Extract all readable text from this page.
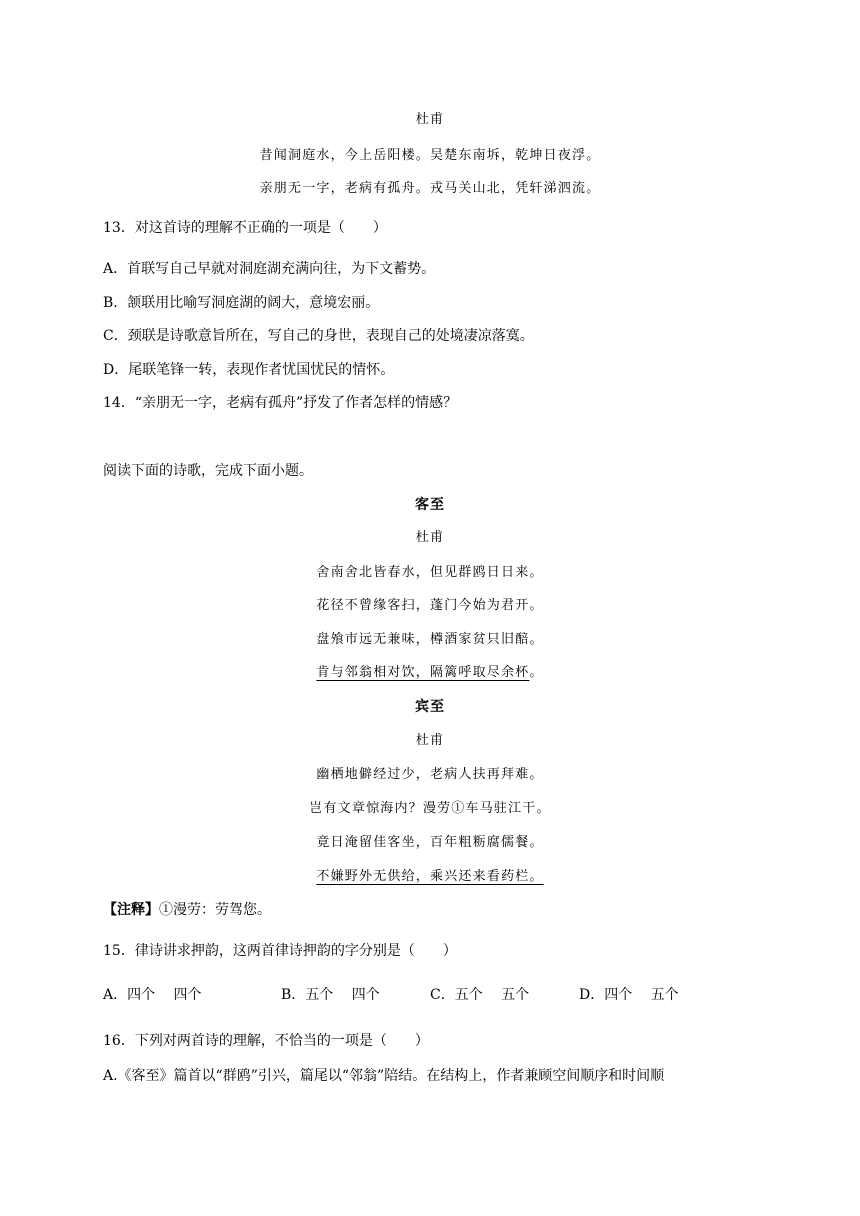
杜甫
昔闻洞庭水，今上岳阳楼。吴楚东南坼，乾坤日夜浮。
亲朋无一字，老病有孤舟。戎马关山北，凭轩涕泗流。
13．对这首诗的理解不正确的一项是（　　）
A．首联写自己早就对洞庭湖充满向往，为下文蓄势。
B．颔联用比喻写洞庭湖的阔大，意境宏丽。
C．颈联是诗歌意旨所在，写自己的身世，表现自己的处境凄凉落寞。
D．尾联笔锋一转，表现作者忧国忧民的情怀。
14．“亲朋无一字，老病有孤舟”抒发了作者怎样的情感？
阅读下面的诗歌，完成下面小题。
客至
杜甫
舍南舍北皆春水，但见群鸥日日来。
花径不曾缘客扫，蓬门今始为君开。
盘飧市远无兼味，樽酒家贫只旧醅。
肯与邻翁相对饮，隔篱呼取尽余杯。
宾至
杜甫
幽栖地僻经过少，老病人扶再拜难。
岂有文章惊海内？漫劳①车马驻江干。
竟日淹留佳客坐，百年粗粝腐儒餐。
不嫌野外无供给，乘兴还来看药栏。
【注释】①漫劳：劳驾您。
15．律诗讲求押韵，这两首律诗押韵的字分别是（　　）
A．四个　 四个	B．五个　 四个	C．五个　 五个	D．四个　 五个
16．下列对两首诗的理解，不恰当的一项是（　　）
A.《客至》篇首以“群鸥”引兴，篇尾以“邻翁”陪结。在结构上，作者兼顾空间顺序和时间顺
